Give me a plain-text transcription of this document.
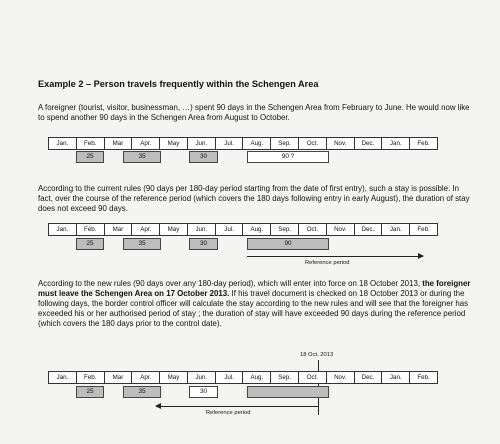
Example 2 – Person travels frequently within the Schengen Area

A foreigner (tourist, visitor, businessman, …) spent 90 days in the Schengen Area from February to June. He would now like to spend another 90 days in the Schengen Area from August to October.

Jan.	Feb.	Mar	Apr.	May	Jun.	Jul.	Aug.	Sep.	Oct.	Nov.	Dec.	Jan.	Feb.
25	35	30	90 ?

According to the current rules (90 days per 180-day period starting from the date of first entry), such a stay is possible. In fact, over the course of the reference period (which covers the 180 days following entry in early August), the duration of stay does not exceed 90 days.

Jan.	Feb.	Mar	Apr.	May	Jun.	Jul.	Aug.	Sep.	Oct.	Nov.	Dec.	Jan.	Feb.
25	35	30	90
Reference period

According to the new rules (90 days over any 180-day period), which will enter into force on 18 October 2013, the foreigner must leave the Schengen Area on 17 October 2013. If his travel document is checked on 18 October 2013 or during the following days, the border control officer will calculate the stay according to the new rules and will see that the foreigner has exceeded his or her authorised period of stay ; the duration of stay will have exceeded 90 days during the reference period (which covers the 180 days prior to the control date).

18 Oct. 2013
Jan.	Feb.	Mar	Apr.	May	Jun.	Jul.	Aug.	Sep.	Oct.	Nov.	Dec.	Jan.	Feb.
25	35	30
Reference period
